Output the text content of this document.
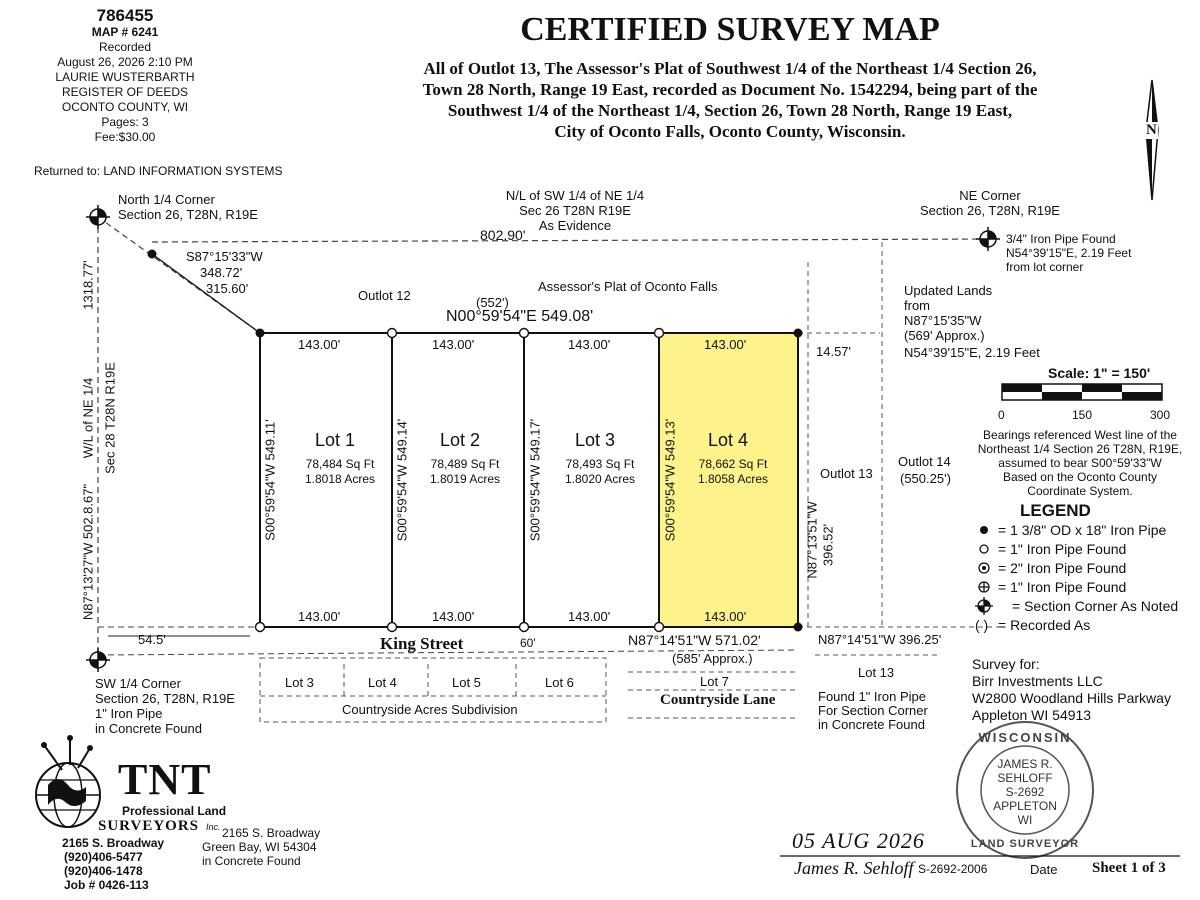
786455
MAP # 6241
Recorded
August 26, 2026 2:10 PM
LAURIE WUSTERBARTH
REGISTER OF DEEDS
OCONTO COUNTY, WI
Pages: 3
Fee:$30.00
Returned to: LAND INFORMATION SYSTEMS
CERTIFIED SURVEY MAP
All of Outlot 13, The Assessor's Plat of Southwest 1/4 of the Northeast 1/4 Section 26,
Town 28 North, Range 19 East, recorded as Document No. 1542294, being part of the
Southwest 1/4 of the Northeast 1/4, Section 26, Town 28 North, Range 19 East,
City of Oconto Falls, Oconto County, Wisconsin.	N
North 1/4 Corner
Section 26, T28N, R19E
N/L of SW 1/4 of NE 1/4
Sec 26 T28N R19E
As Evidence
802.90'
NE Corner
Section 26, T28N, R19E
3/4" Iron Pipe Found
N54°39'15"E, 2.19 Feet
from lot corner
S87°15'33"W
348.72'
315.60'
1318.77'
W/L of NE 1/4 Sec 28 T28N R19E
N87°13'27"W 502.8.67"
Outlot 12	(552')
Assessor's Plat of Oconto Falls
N00°59'54"E 549.08'
14.57'
143.00'	143.00'	143.00'	143.00'
143.00'	143.00'	143.00'	143.00'
S00°59'54"W 549.11'	S00°59'54"W 549.14'	S00°59'54"W 549.17'	S00°59'54"W 549.13'
Lot 1
78,484 Sq Ft
1.8018 Acres
Lot 2
78,489 Sq Ft
1.8019 Acres
Lot 3
78,493 Sq Ft
1.8020 Acres
Lot 4
78,662 Sq Ft
1.8058 Acres	Outlot 13
Outlot 14
(550.25')
N87°13'51"W 396.52'
Updated Lands
from
N87°15'35"W
(569' Approx.)
N54°39'15"E, 2.19 Feet
Scale: 1" = 150'
0	150	300
Bearings referenced West line of the
Northeast 1/4 Section 26 T28N, R19E,
assumed to bear S00°59'33"W
Based on the Oconto County
Coordinate System.
LEGEND
= 1 3/8" OD x 18" Iron Pipe
= 1" Iron Pipe Found
= 2" Iron Pipe Found
= 1" Iron Pipe Found
= Section Corner As Noted
( ) = Recorded As
54.5'	King Street	60'	N87°14'51"W 571.02'
(585' Approx.)
N87°14'51"W 396.25'
Lot 13
Lot 7
Countryside Lane
Lot 3	Lot 4	Lot 5	Lot 6
Countryside Acres Subdivision
Found 1" Iron Pipe
For Section Corner
in Concrete Found
SW 1/4 Corner
Section 26, T28N, R19E
1" Iron Pipe
in Concrete Found
Survey for:
Birr Investments LLC
W2800 Woodland Hills Parkway
Appleton WI 54913
WISCONSIN
JAMES R.
SEHLOFF
S-2692
APPLETON
WI
LAND SURVEYOR
TNT
Professional Land
SURVEYORS Inc.
2165 S. Broadway
(920)406-5477
(920)406-1478
Job # 0426-113
2165 S. Broadway
Green Bay, WI 54304
in Concrete Found
05 AUG 2026
James R. Sehloff S-2692-2006	Date Sheet 1 of 3
